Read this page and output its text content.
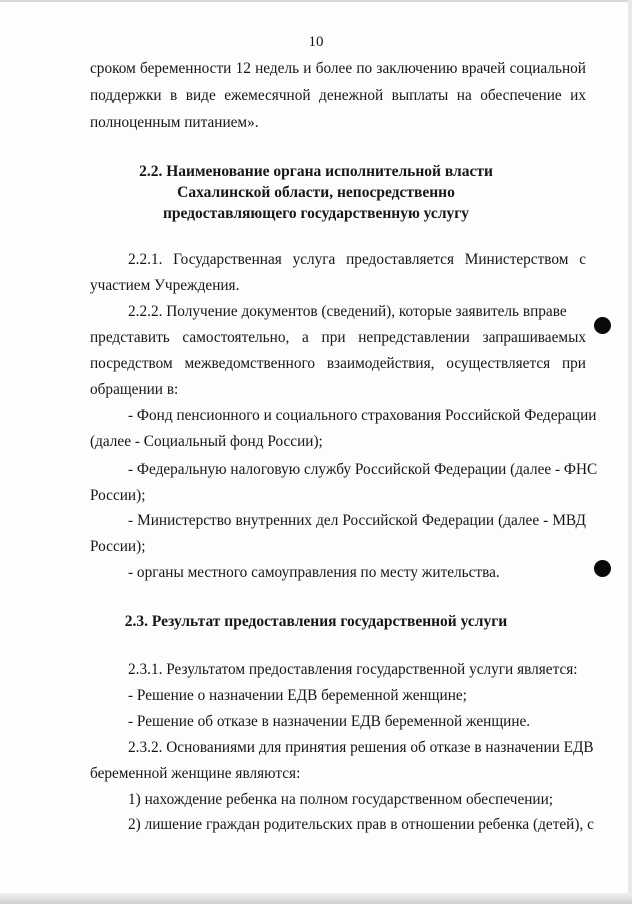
10
сроком беременности 12 недель и более по заключению врачей социальной
поддержки в виде ежемесячной денежной выплаты на обеспечение их
полноценным питанием».
2.2. Наименование органа исполнительной власти
Сахалинской области, непосредственно
предоставляющего государственную услугу
2.2.1. Государственная услуга предоставляется Министерством с
участием Учреждения.
2.2.2. Получение документов (сведений), которые заявитель вправе
представить самостоятельно, а при непредставлении запрашиваемых
посредством межведомственного взаимодействия, осуществляется при
обращении в:
- Фонд пенсионного и социального страхования Российской Федерации
(далее - Социальный фонд России);
- Федеральную налоговую службу Российской Федерации (далее - ФНС
России);
- Министерство внутренних дел Российской Федерации (далее - МВД
России);
- органы местного самоуправления по месту жительства.
2.3. Результат предоставления государственной услуги
2.3.1. Результатом предоставления государственной услуги является:
- Решение о назначении ЕДВ беременной женщине;
- Решение об отказе в назначении ЕДВ беременной женщине.
2.3.2. Основаниями для принятия решения об отказе в назначении ЕДВ
беременной женщине являются:
1) нахождение ребенка на полном государственном обеспечении;
2) лишение граждан родительских прав в отношении ребенка (детей), с
